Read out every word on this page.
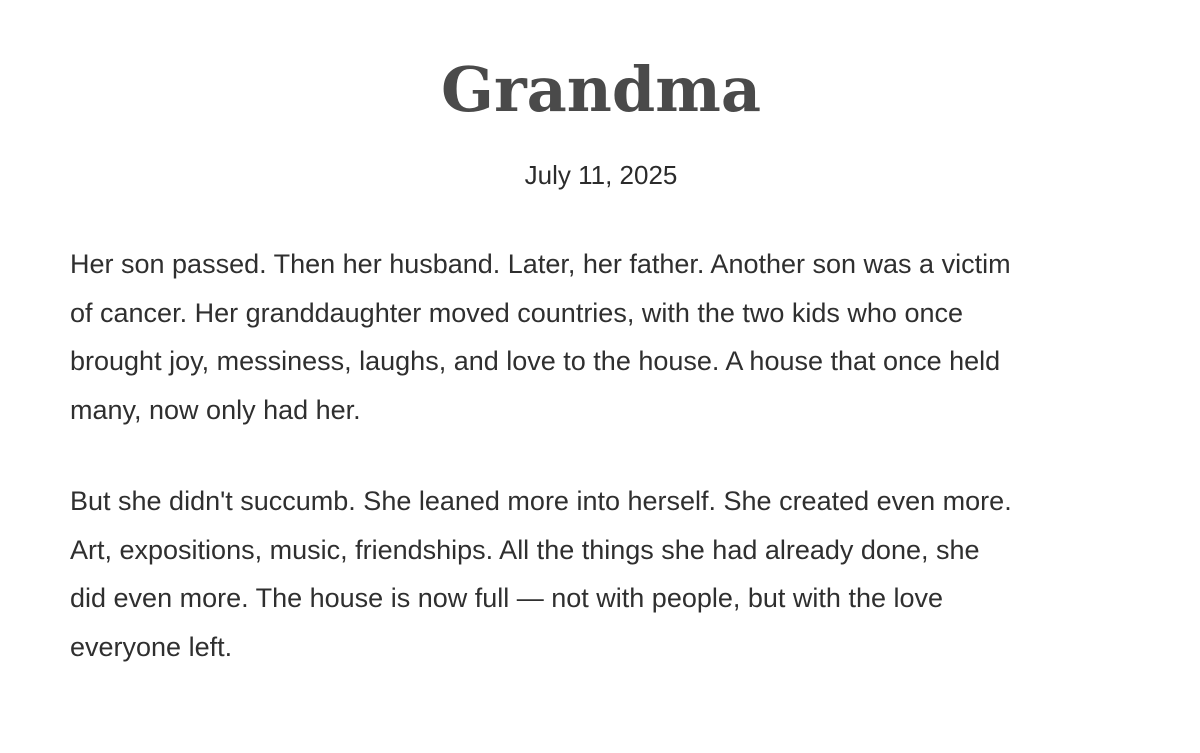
Grandma
July 11, 2025

Her son passed. Then her husband. Later, her father. Another son was a victim
of cancer. Her granddaughter moved countries, with the two kids who once
brought joy, messiness, laughs, and love to the house. A house that once held
many, now only had her.

But she didn't succumb. She leaned more into herself. She created even more.
Art, expositions, music, friendships. All the things she had already done, she
did even more. The house is now full — not with people, but with the love
everyone left.
